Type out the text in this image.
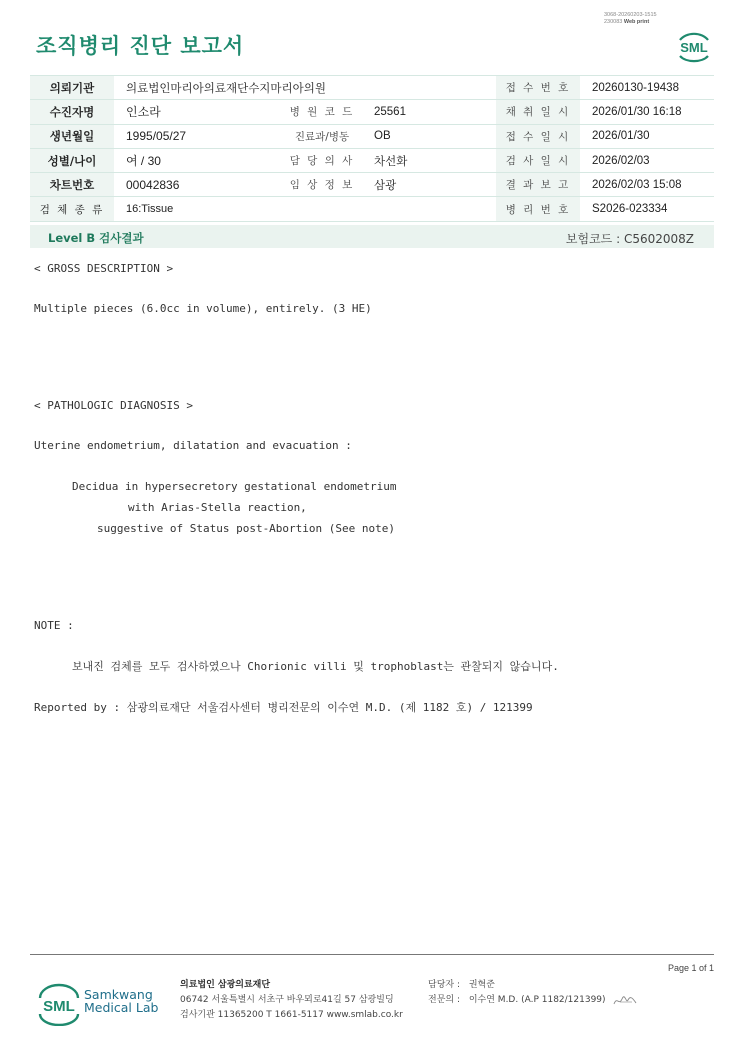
조직병리 진단 보고서
3068-20260203-1515
230083 Web print
SML
의뢰기관	의료법인마리아의료재단수지마리아의원			접 수 번 호	20260130-19438
수진자명	인소라	병 원 코 드	25561	채 취 일 시	2026/01/30 16:18
생년월일	1995/05/27	진료과/병동	OB	접 수 일 시	2026/01/30
성별/나이	여 / 30	담 당 의 사	차선화	검 사 일 시	2026/02/03
차트번호	00042836	임 상 정 보	삼광	결 과 보 고	2026/02/03 15:08
검 체 종 류	16:Tissue			병 리 번 호	S2026-023334
Level B 검사결과	보험코드 : C5602008Z
< GROSS DESCRIPTION >
Multiple pieces (6.0cc in volume), entirely. (3 HE)
< PATHOLOGIC DIAGNOSIS >
Uterine endometrium, dilatation and evacuation :
Decidua in hypersecretory gestational endometrium
with Arias-Stella reaction,
suggestive of Status post-Abortion (See note)
NOTE :
보내진 검체를 모두 검사하였으나 Chorionic villi 및 trophoblast는 관찰되지 않습니다.
Reported by : 삼광의료재단 서울검사센터 병리전문의 이수연 M.D. (제 1182 호) / 121399
Page 1 of 1
SML
Samkwang
Medical Lab
의료법인 삼광의료재단
06742 서울특별시 서초구 바우뫼로41길 57 삼광빌딩
검사기관 11365200 T 1661-5117 www.smlab.co.kr
담당자 : 권혁준
전문의 : 이수연 M.D. (A.P 1182/121399)
